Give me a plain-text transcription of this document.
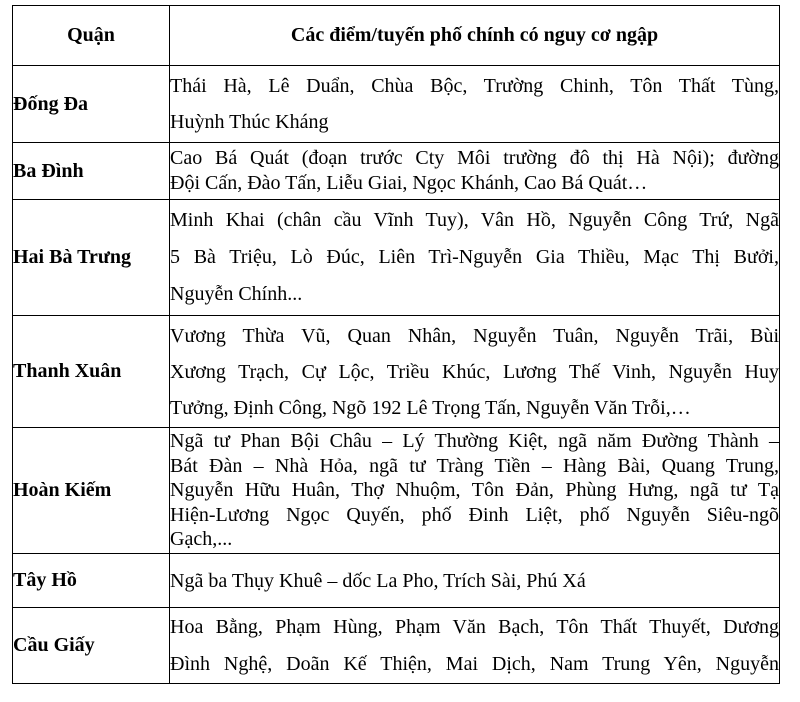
Quận	Các điểm/tuyến phố chính có nguy cơ ngập
Đống Đa	Thái Hà, Lê Duẩn, Chùa Bộc, Trường Chinh, Tôn Thất Tùng,
Huỳnh Thúc Kháng

Ba Đình	Cao Bá Quát (đoạn trước Cty Môi trường đô thị Hà Nội); đường
Đội Cấn, Đào Tấn, Liễu Giai, Ngọc Khánh, Cao Bá Quát…

Hai Bà Trưng	Minh Khai (chân cầu Vĩnh Tuy), Vân Hồ, Nguyễn Công Trứ, Ngã
5 Bà Triệu, Lò Đúc, Liên Trì-Nguyễn Gia Thiều, Mạc Thị Bưởi,
Nguyễn Chính...

Thanh Xuân	Vương Thừa Vũ, Quan Nhân, Nguyễn Tuân, Nguyễn Trãi, Bùi
Xương Trạch, Cự Lộc, Triều Khúc, Lương Thế Vinh, Nguyễn Huy
Tưởng, Định Công, Ngõ 192 Lê Trọng Tấn, Nguyễn Văn Trỗi,…

Hoàn Kiếm	Ngã tư Phan Bội Châu – Lý Thường Kiệt, ngã năm Đường Thành –
Bát Đàn – Nhà Hỏa, ngã tư Tràng Tiền – Hàng Bài, Quang Trung,
Nguyễn Hữu Huân, Thợ Nhuộm, Tôn Đản, Phùng Hưng, ngã tư Tạ
Hiện-Lương Ngọc Quyến, phố Đinh Liệt, phố Nguyễn Siêu-ngõ
Gạch,...

Tây Hồ	Ngã ba Thụy Khuê – dốc La Pho, Trích Sài, Phú Xá

Cầu Giấy	Hoa Bằng, Phạm Hùng, Phạm Văn Bạch, Tôn Thất Thuyết, Dương
Đình Nghệ, Doãn Kế Thiện, Mai Dịch, Nam Trung Yên, Nguyễn
